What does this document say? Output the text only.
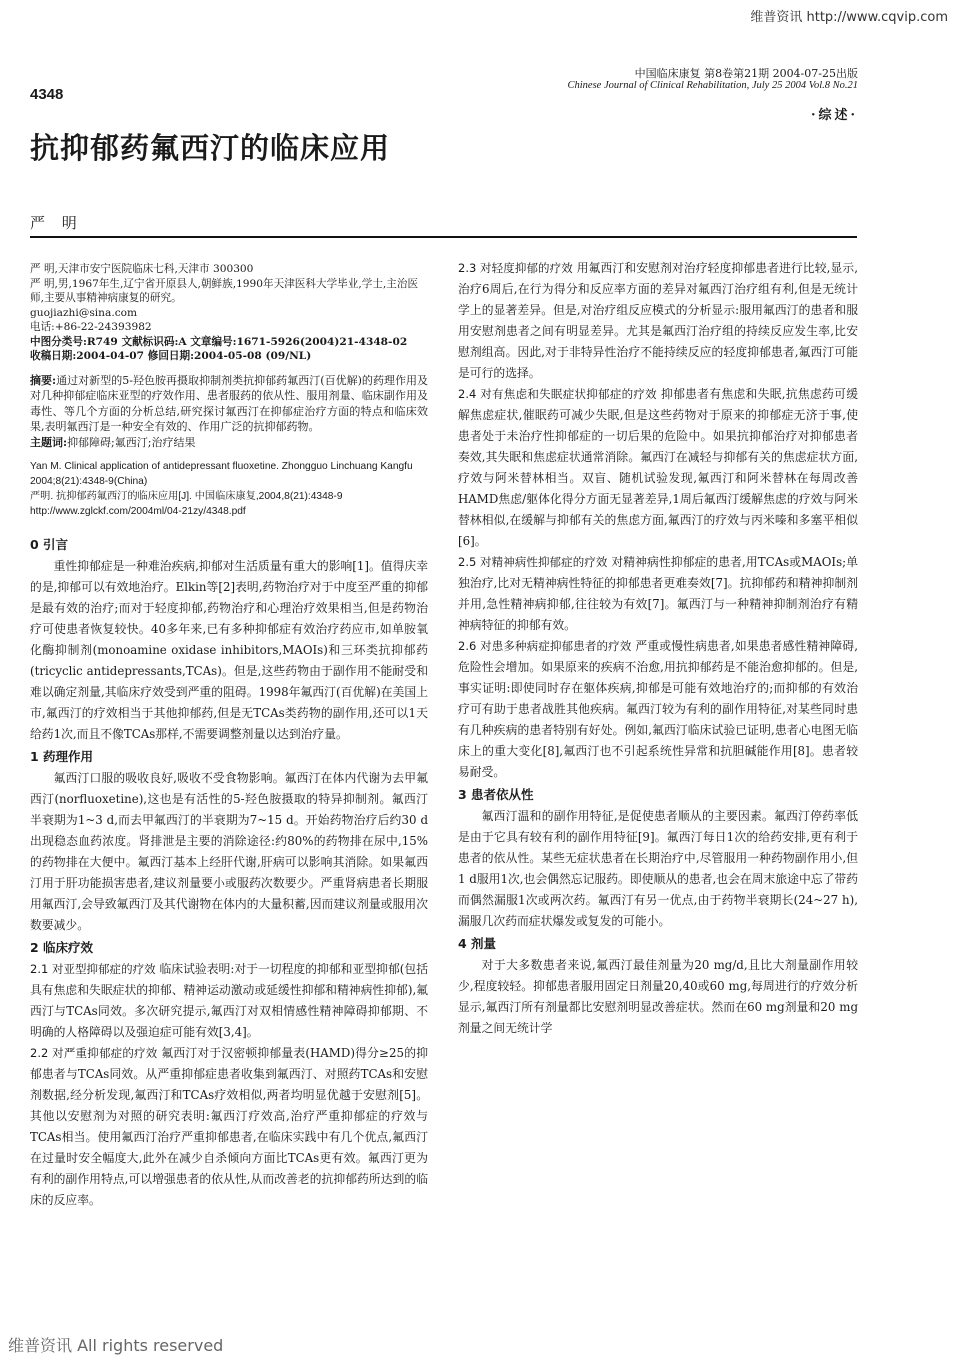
维普资讯 http://www.cqvip.com
4348
中国临床康复 第8卷第21期 2004-07-25出版
Chinese Journal of Clinical Rehabilitation, July 25 2004 Vol.8 No.21
·综述·
抗抑郁药氟西汀的临床应用
严 明

严 明,天津市安宁医院临床七科,天津市 300300

严 明,男,1967年生,辽宁省开原县人,朝鲜族,1990年天津医科大学毕业,学士,主治医师,主要从事精神病康复的研究。

guojiazhi@sina.com

电话:+86-22-24393982

中图分类号:R749 文献标识码:A 文章编号:1671-5926(2004)21-4348-02

收稿日期:2004-04-07 修回日期:2004-05-08 (09/NL)

摘要:通过对新型的5-羟色胺再摄取抑制剂类抗抑郁药氟西汀(百优解)的药理作用及对几种抑郁症临床亚型的疗效作用、患者服药的依从性、服用剂量、临床副作用及毒性、等几个方面的分析总结,研究探讨氟西汀在抑郁症治疗方面的特点和临床效果,表明氟西汀是一种安全有效的、作用广泛的抗抑郁药物。

主题词:抑郁障碍;氟西汀;治疗结果

Yan M. Clinical application of antidepressant fluoxetine. Zhongguo Linchuang Kangfu 2004;8(21):4348-9(China)

严明. 抗抑郁药氟西汀的临床应用[J]. 中国临床康复,2004,8(21):4348-9

http://www.zglckf.com/2004ml/04-21zy/4348.pdf

0 引言

重性抑郁症是一种难治疾病,抑郁对生活质量有重大的影响[1]。值得庆幸的是,抑郁可以有效地治疗。Elkin等[2]表明,药物治疗对于中度至严重的抑郁是最有效的治疗;而对于轻度抑郁,药物治疗和心理治疗效果相当,但是药物治疗可使患者恢复较快。40多年来,已有多种抑郁症有效治疗药应市,如单胺氧化酶抑制剂(monoamine oxidase inhibitors,MAOIs)和三环类抗抑郁药(tricyclic antidepressants,TCAs)。但是,这些药物由于副作用不能耐受和难以确定剂量,其临床疗效受到严重的阻碍。1998年氟西汀(百优解)在美国上市,氟西汀的疗效相当于其他抑郁药,但是无TCAs类药物的副作用,还可以1天给药1次,而且不像TCAs那样,不需要调整剂量以达到治疗量。

1 药理作用

氟西汀口服的吸收良好,吸收不受食物影响。氟西汀在体内代谢为去甲氟西汀(norfluoxetine),这也是有活性的5-羟色胺摄取的特异抑制剂。氟西汀半衰期为1~3 d,而去甲氟西汀的半衰期为7~15 d。开始药物治疗后约30 d出现稳态血药浓度。肾排泄是主要的消除途径:约80%的药物排在尿中,15%的药物排在大便中。氟西汀基本上经肝代谢,肝病可以影响其消除。如果氟西汀用于肝功能损害患者,建议剂量要小或服药次数要少。严重肾病患者长期服用氟西汀,会导致氟西汀及其代谢物在体内的大量积蓄,因而建议剂量或服用次数要减少。

2 临床疗效

2.1 对亚型抑郁症的疗效 临床试验表明:对于一切程度的抑郁和亚型抑郁(包括具有焦虑和失眠症状的抑郁、精神运动激动或延缓性抑郁和精神病性抑郁),氟西汀与TCAs同效。多次研究提示,氟西汀对双相情感性精神障碍抑郁期、不明确的人格障碍以及强迫症可能有效[3,4]。

2.2 对严重抑郁症的疗效 氟西汀对于汉密顿抑郁量表(HAMD)得分≥25的抑郁患者与TCAs同效。从严重抑郁症患者收集到氟西汀、对照药TCAs和安慰剂数据,经分析发现,氟西汀和TCAs疗效相似,两者均明显优越于安慰剂[5]。其他以安慰剂为对照的研究表明:氟西汀疗效高,治疗严重抑郁症的疗效与TCAs相当。使用氟西汀治疗严重抑郁患者,在临床实践中有几个优点,氟西汀在过量时安全幅度大,此外在减少自杀倾向方面比TCAs更有效。氟西汀更为有利的副作用特点,可以增强患者的依从性,从而改善老的抗抑郁药所达到的临床的反应率。

2.3 对轻度抑郁的疗效 用氟西汀和安慰剂对治疗轻度抑郁患者进行比较,显示,治疗6周后,在行为得分和反应率方面的差异对氟西汀治疗组有利,但是无统计学上的显著差异。但是,对治疗组反应模式的分析显示:服用氟西汀的患者和服用安慰剂患者之间有明显差异。尤其是氟西汀治疗组的持续反应发生率,比安慰剂组高。因此,对于非特异性治疗不能持续反应的轻度抑郁患者,氟西汀可能是可行的选择。

2.4 对有焦虑和失眠症状抑郁症的疗效 抑郁患者有焦虑和失眠,抗焦虑药可缓解焦虑症状,催眠药可减少失眠,但是这些药物对于原来的抑郁症无济于事,使患者处于未治疗性抑郁症的一切后果的危险中。如果抗抑郁治疗对抑郁患者奏效,其失眠和焦虑症状通常消除。氟西汀在减轻与抑郁有关的焦虑症状方面,疗效与阿米替林相当。双盲、随机试验发现,氟西汀和阿米替林在每周改善HAMD焦虑/躯体化得分方面无显著差异,1周后氟西汀缓解焦虑的疗效与阿米替林相似,在缓解与抑郁有关的焦虑方面,氟西汀的疗效与丙米嗪和多塞平相似[6]。

2.5 对精神病性抑郁症的疗效 对精神病性抑郁症的患者,用TCAs或MAOIs;单独治疗,比对无精神病性特征的抑郁患者更难奏效[7]。抗抑郁药和精神抑制剂并用,急性精神病抑郁,往往较为有效[7]。氟西汀与一种精神抑制剂治疗有精神病特征的抑郁有效。

2.6 对患多种病症抑郁患者的疗效 严重或慢性病患者,如果患者感性精神障碍,危险性会增加。如果原来的疾病不治愈,用抗抑郁药是不能治愈抑郁的。但是,事实证明:即使同时存在躯体疾病,抑郁是可能有效地治疗的;而抑郁的有效治疗可有助于患者战胜其他疾病。氟西汀较为有利的副作用特征,对某些同时患有几种疾病的患者特别有好处。例如,氟西汀临床试验已证明,患者心电图无临床上的重大变化[8],氟西汀也不引起系统性异常和抗胆碱能作用[8]。患者较易耐受。

3 患者依从性

氟西汀温和的副作用特征,是促使患者顺从的主要因素。氟西汀停药率低是由于它具有较有利的副作用特征[9]。氟西汀每日1次的给药安排,更有利于患者的依从性。某些无症状患者在长期治疗中,尽管服用一种药物副作用小,但1 d服用1次,也会偶然忘记服药。即使顺从的患者,也会在周末旅途中忘了带药而偶然漏服1次或两次药。氟西汀有另一优点,由于药物半衰期长(24~27 h),漏服几次药而症状爆发或复发的可能小。

4 剂量

对于大多数患者来说,氟西汀最佳剂量为20 mg/d,且比大剂量副作用较少,程度较轻。抑郁患者服用固定日剂量20,40或60 mg,每周进行的疗效分析显示,氟西汀所有剂量都比安慰剂明显改善症状。然而在60 mg剂量和20 mg剂量之间无统计学

维普资讯 All rights reserved
